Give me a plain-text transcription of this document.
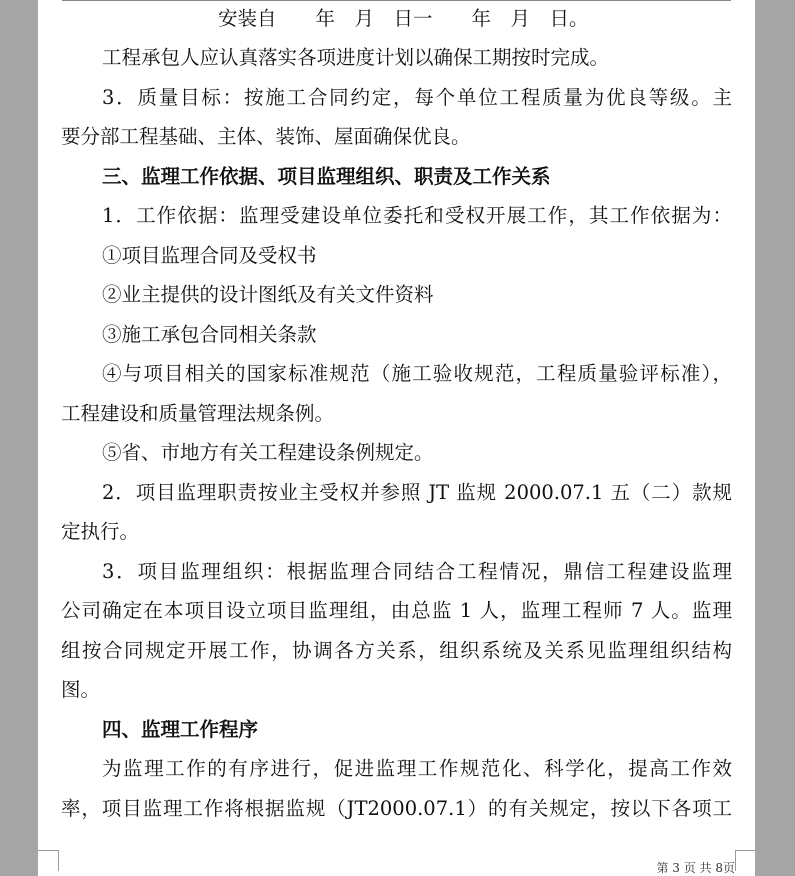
安装自　　年　月　日一　　年　月　日。
工程承包人应认真落实各项进度计划以确保工期按时完成。
3．质量目标：按施工合同约定，每个单位工程质量为优良等级。主
要分部工程基础、主体、装饰、屋面确保优良。
三、监理工作依据、项目监理组织、职责及工作关系
1．工作依据：监理受建设单位委托和受权开展工作，其工作依据为：
①项目监理合同及受权书
②业主提供的设计图纸及有关文件资料
③施工承包合同相关条款
④与项目相关的国家标准规范（施工验收规范，工程质量验评标准），
工程建设和质量管理法规条例。
⑤省、市地方有关工程建设条例规定。
2．项目监理职责按业主受权并参照 JT 监规 2000.07.1 五（二）款规
定执行。
3．项目监理组织：根据监理合同结合工程情况，鼎信工程建设监理
公司确定在本项目设立项目监理组，由总监 1 人，监理工程师 7 人。监理
组按合同规定开展工作，协调各方关系，组织系统及关系见监理组织结构
图。
四、监理工作程序
为监理工作的有序进行，促进监理工作规范化、科学化，提高工作效
率，项目监理工作将根据监规（JT2000.07.1）的有关规定，按以下各项工
第 3 页 共 8页
